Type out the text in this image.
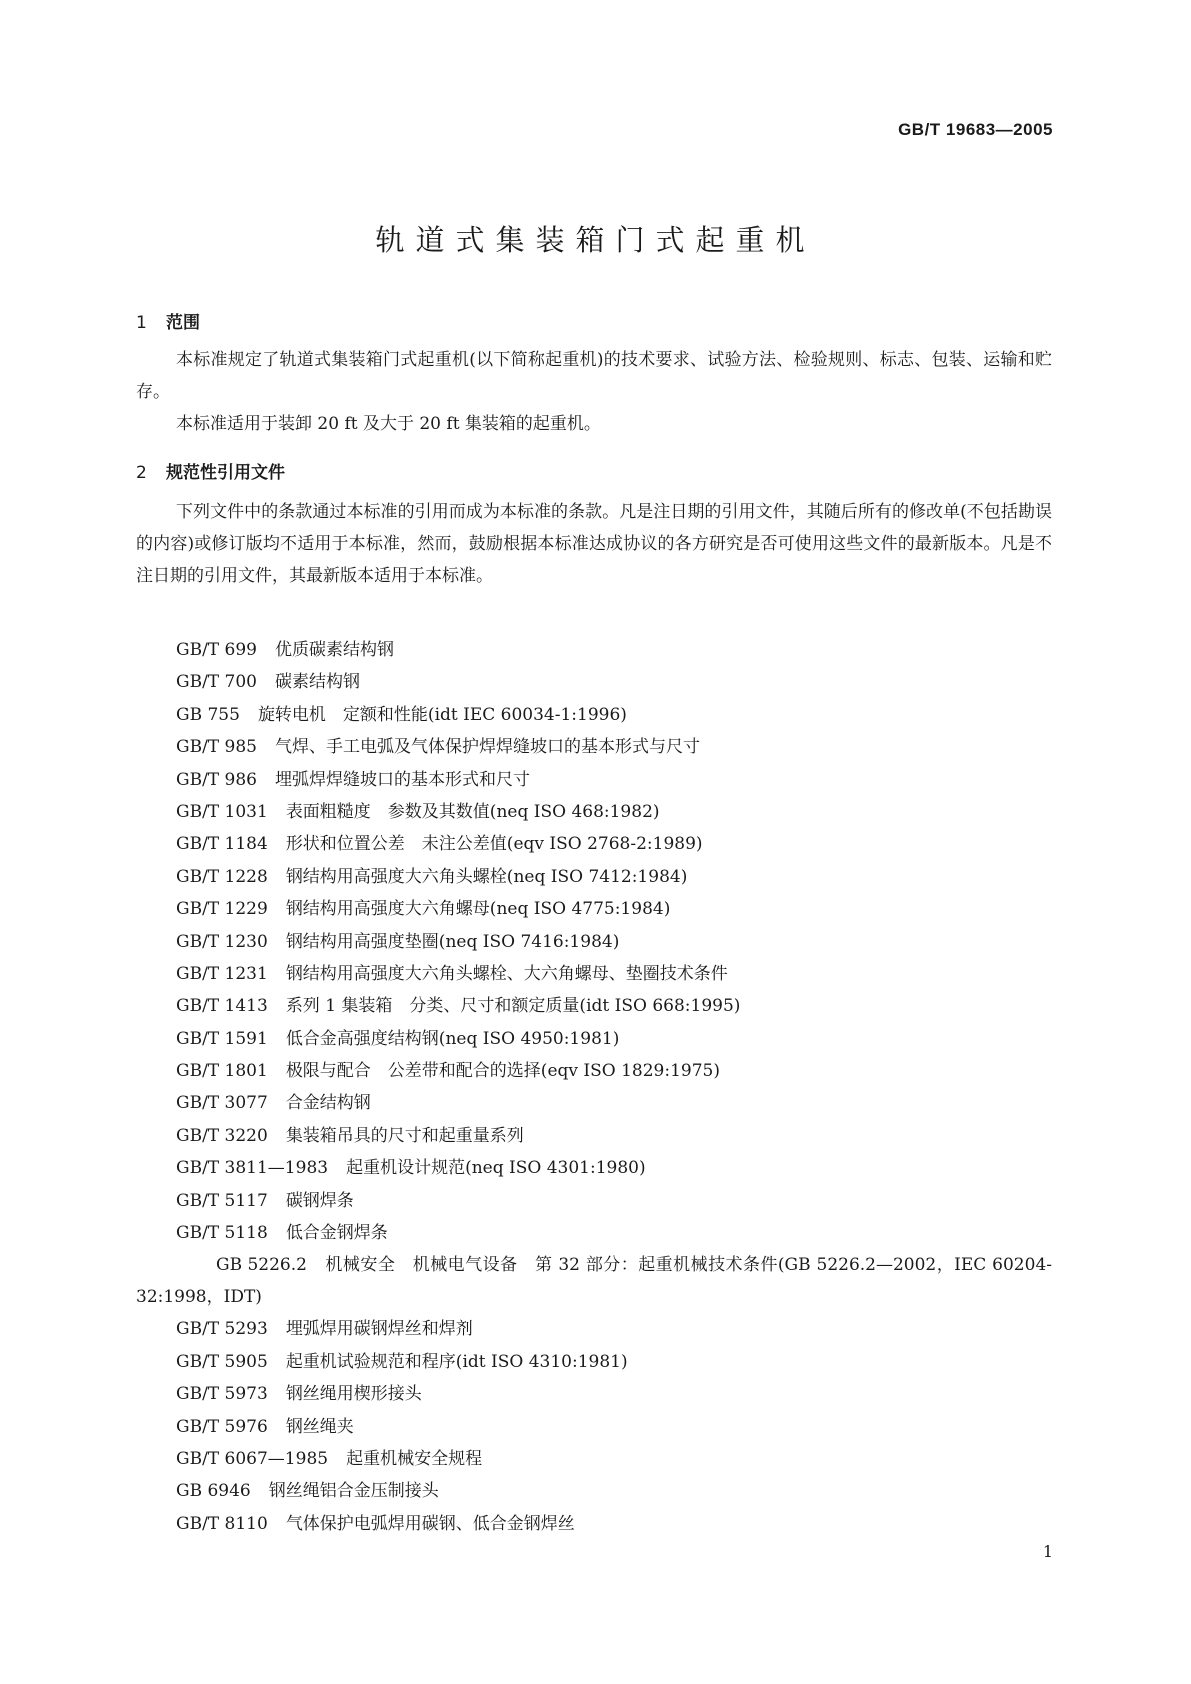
GB/T 19683—2005
轨道式集装箱门式起重机
1 范围

本标准规定了轨道式集装箱门式起重机(以下简称起重机)的技术要求、试验方法、检验规则、标志、包装、运输和贮存。

本标准适用于装卸 20 ft 及大于 20 ft 集装箱的起重机。

2 规范性引用文件

下列文件中的条款通过本标准的引用而成为本标准的条款。凡是注日期的引用文件，其随后所有的修改单(不包括勘误的内容)或修订版均不适用于本标准，然而，鼓励根据本标准达成协议的各方研究是否可使用这些文件的最新版本。凡是不注日期的引用文件，其最新版本适用于本标准。

GB/T 699 优质碳素结构钢
GB/T 700 碳素结构钢
GB 755 旋转电机　定额和性能(idt IEC 60034-1:1996)
GB/T 985 气焊、手工电弧及气体保护焊焊缝坡口的基本形式与尺寸
GB/T 986 埋弧焊焊缝坡口的基本形式和尺寸
GB/T 1031 表面粗糙度　参数及其数值(neq ISO 468:1982)
GB/T 1184 形状和位置公差　未注公差值(eqv ISO 2768-2:1989)
GB/T 1228 钢结构用高强度大六角头螺栓(neq ISO 7412:1984)
GB/T 1229 钢结构用高强度大六角螺母(neq ISO 4775:1984)
GB/T 1230 钢结构用高强度垫圈(neq ISO 7416:1984)
GB/T 1231 钢结构用高强度大六角头螺栓、大六角螺母、垫圈技术条件
GB/T 1413 系列 1 集装箱　分类、尺寸和额定质量(idt ISO 668:1995)
GB/T 1591 低合金高强度结构钢(neq ISO 4950:1981)
GB/T 1801 极限与配合　公差带和配合的选择(eqv ISO 1829:1975)
GB/T 3077 合金结构钢
GB/T 3220 集装箱吊具的尺寸和起重量系列
GB/T 3811—1983 起重机设计规范(neq ISO 4301:1980)
GB/T 5117 碳钢焊条
GB/T 5118 低合金钢焊条
GB 5226.2 机械安全　机械电气设备　第 32 部分：起重机械技术条件(GB 5226.2—2002，IEC 60204-32:1998，IDT)
GB/T 5293 埋弧焊用碳钢焊丝和焊剂
GB/T 5905 起重机试验规范和程序(idt ISO 4310:1981)
GB/T 5973 钢丝绳用楔形接头
GB/T 5976 钢丝绳夹
GB/T 6067—1985 起重机械安全规程
GB 6946 钢丝绳铝合金压制接头
GB/T 8110 气体保护电弧焊用碳钢、低合金钢焊丝
1
